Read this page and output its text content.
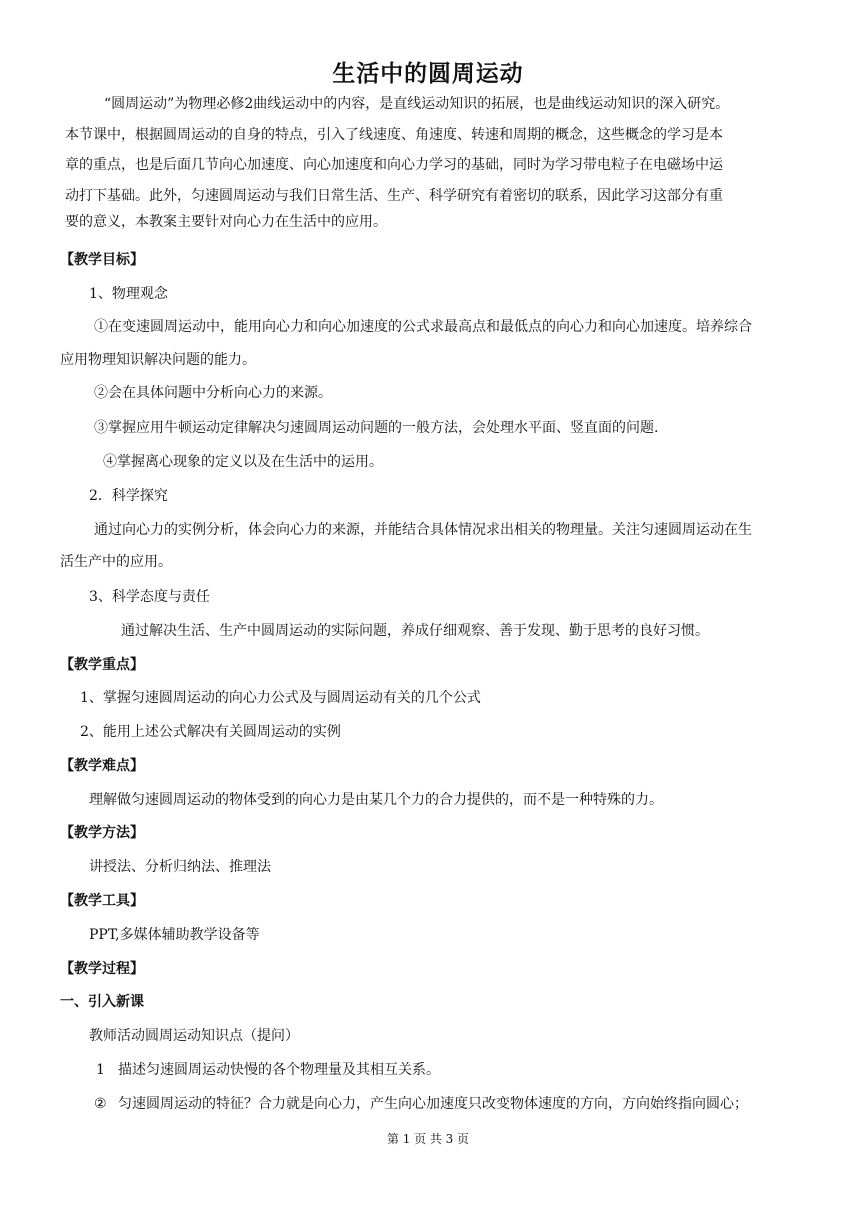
生活中的圆周运动
“圆周运动”为物理必修2曲线运动中的内容，是直线运动知识的拓展，也是曲线运动知识的深入研究。
本节课中，根据圆周运动的自身的特点，引入了线速度、角速度、转速和周期的概念，这些概念的学习是本
章的重点，也是后面几节向心加速度、向心加速度和向心力学习的基础，同时为学习带电粒子在电磁场中运
动打下基础。此外，匀速圆周运动与我们日常生活、生产、科学研究有着密切的联系，因此学习这部分有重
要的意义，本教案主要针对向心力在生活中的应用。
【教学目标】
1、物理观念
①在变速圆周运动中，能用向心力和向心加速度的公式求最高点和最低点的向心力和向心加速度。培养综合
应用物理知识解决问题的能力。
②会在具体问题中分析向心力的来源。
③掌握应用牛顿运动定律解决匀速圆周运动问题的一般方法，会处理水平面、竖直面的问题.
④掌握离心现象的定义以及在生活中的运用。
2．科学探究
通过向心力的实例分析，体会向心力的来源，并能结合具体情况求出相关的物理量。关注匀速圆周运动在生
活生产中的应用。
3、科学态度与责任
通过解决生活、生产中圆周运动的实际问题，养成仔细观察、善于发现、勤于思考的良好习惯。
【教学重点】
1、掌握匀速圆周运动的向心力公式及与圆周运动有关的几个公式
2、能用上述公式解决有关圆周运动的实例
【教学难点】
理解做匀速圆周运动的物体受到的向心力是由某几个力的合力提供的，而不是一种特殊的力。
【教学方法】
讲授法、分析归纳法、推理法
【教学工具】
PPT,多媒体辅助教学设备等
【教学过程】
一、引入新课
教师活动圆周运动知识点（提问）
1 描述匀速圆周运动快慢的各个物理量及其相互关系。
② 匀速圆周运动的特征？合力就是向心力，产生向心加速度只改变物体速度的方向，方向始终指向圆心；
第 1 页 共 3 页
